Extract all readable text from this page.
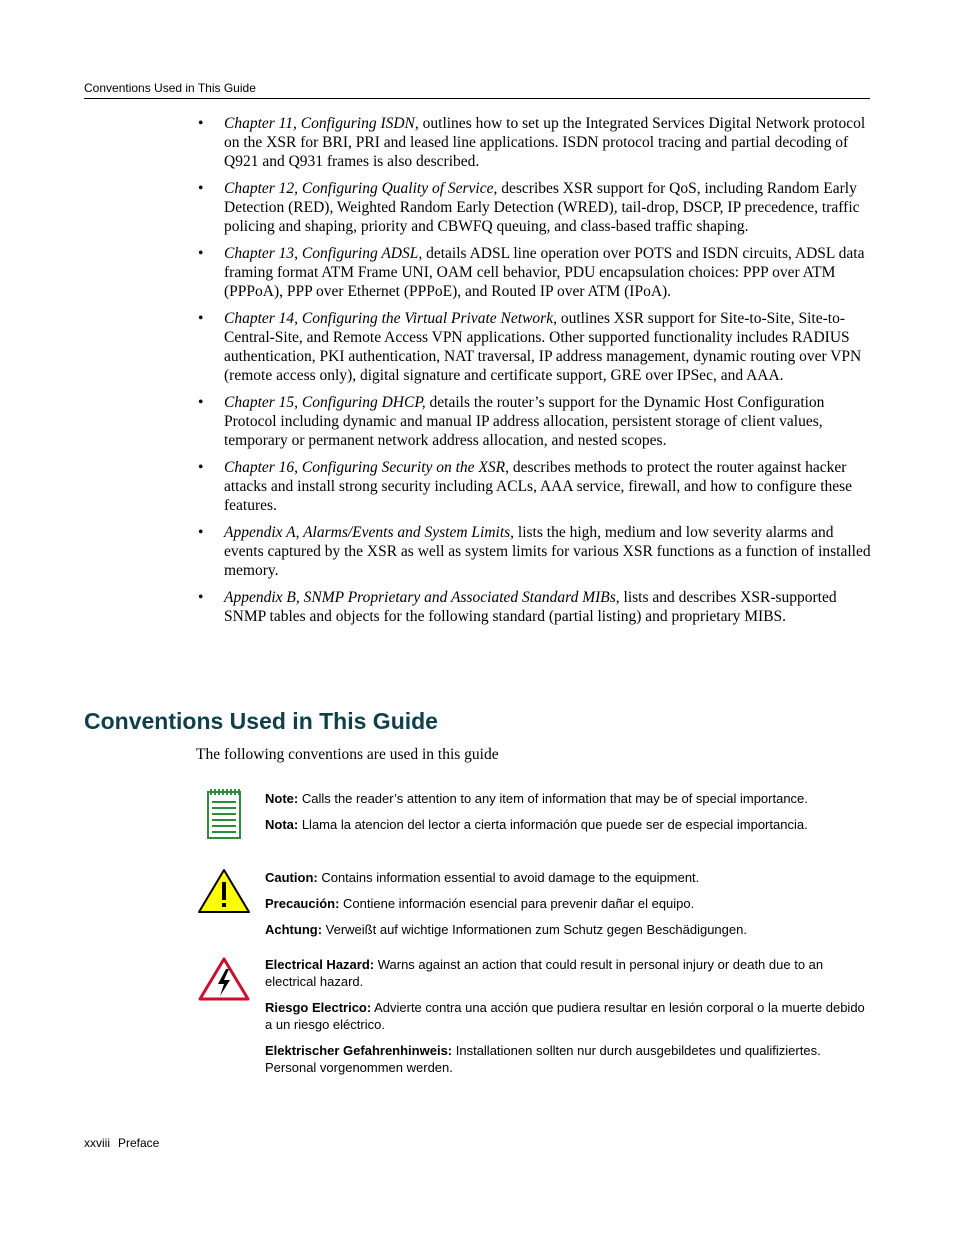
Conventions Used in This Guide
• Chapter 11, Configuring ISDN, outlines how to set up the Integrated Services Digital Network protocol on the XSR for BRI, PRI and leased line applications. ISDN protocol tracing and partial decoding of Q921 and Q931 frames is also described.
• Chapter 12, Configuring Quality of Service, describes XSR support for QoS, including Random Early Detection (RED), Weighted Random Early Detection (WRED), tail-drop, DSCP, IP precedence, traffic policing and shaping, priority and CBWFQ queuing, and class-based traffic shaping.
• Chapter 13, Configuring ADSL, details ADSL line operation over POTS and ISDN circuits, ADSL data framing format ATM Frame UNI, OAM cell behavior, PDU encapsulation choices: PPP over ATM (PPPoA), PPP over Ethernet (PPPoE), and Routed IP over ATM (IPoA).
• Chapter 14, Configuring the Virtual Private Network, outlines XSR support for Site-to-Site, Site-to-Central-Site, and Remote Access VPN applications. Other supported functionality includes RADIUS authentication, PKI authentication, NAT traversal, IP address management, dynamic routing over VPN (remote access only), digital signature and certificate support, GRE over IPSec, and AAA.
• Chapter 15, Configuring DHCP, details the router’s support for the Dynamic Host Configuration Protocol including dynamic and manual IP address allocation, persistent storage of client values, temporary or permanent network address allocation, and nested scopes.
• Chapter 16, Configuring Security on the XSR, describes methods to protect the router against hacker attacks and install strong security including ACLs, AAA service, firewall, and how to configure these features.
• Appendix A, Alarms/Events and System Limits, lists the high, medium and low severity alarms and events captured by the XSR as well as system limits for various XSR functions as a function of installed memory.
• Appendix B, SNMP Proprietary and Associated Standard MIBs, lists and describes XSR-supported SNMP tables and objects for the following standard (partial listing) and proprietary MIBS.
Conventions Used in This Guide
The following conventions are used in this guide

Note: Calls the reader’s attention to any item of information that may be of special importance.

Nota: Llama la atencion del lector a cierta información que puede ser de especial importancia.

Caution: Contains information essential to avoid damage to the equipment.

Precaución: Contiene información esencial para prevenir dañar el equipo.

Achtung: Verweißt auf wichtige Informationen zum Schutz gegen Beschädigungen.

Electrical Hazard: Warns against an action that could result in personal injury or death due to an electrical hazard.

Riesgo Electrico: Advierte contra una acción que pudiera resultar en lesión corporal o la muerte debido a un riesgo eléctrico.

Elektrischer Gefahrenhinweis: Installationen sollten nur durch ausgebildetes und qualifiziertes. Personal vorgenommen werden.

xxviii Preface
